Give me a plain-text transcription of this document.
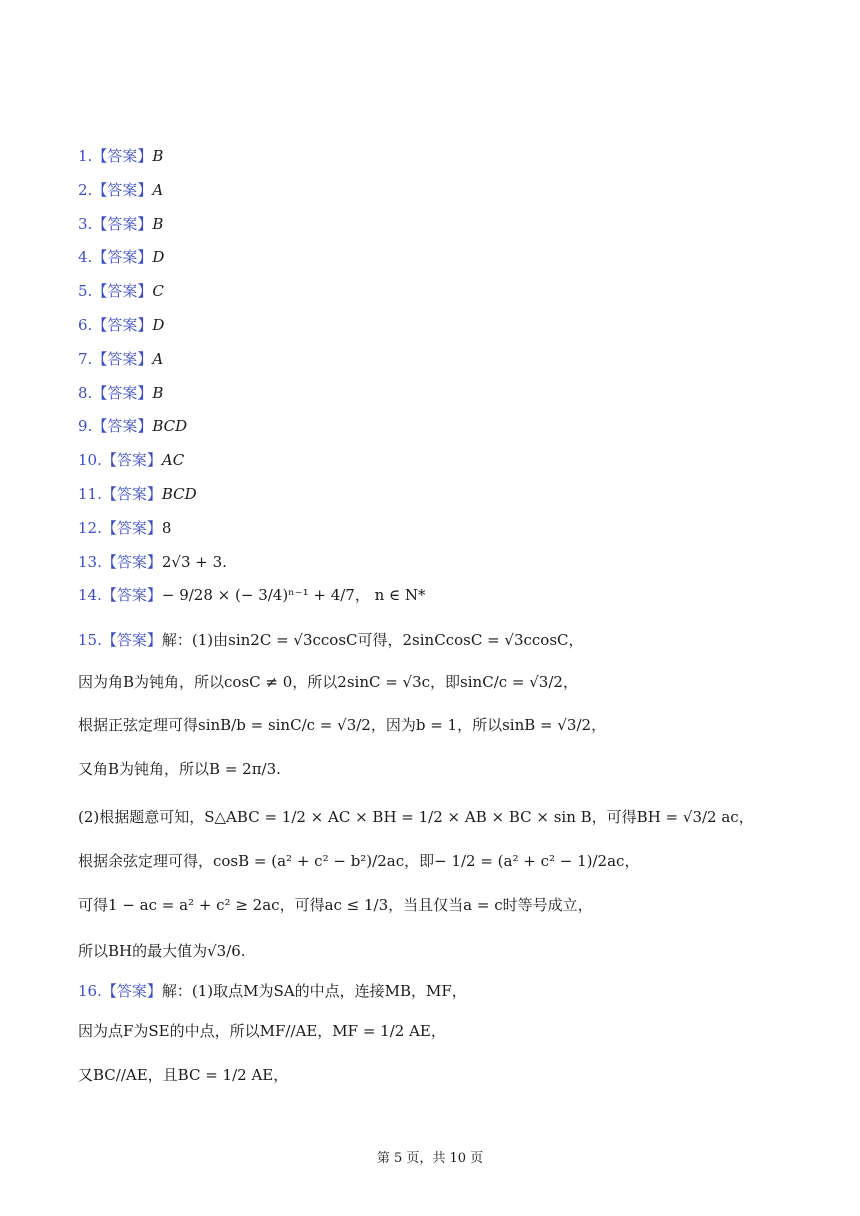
1.【答案】B
2.【答案】A
3.【答案】B
4.【答案】D
5.【答案】C
6.【答案】D
7.【答案】A
8.【答案】B
9.【答案】BCD
10.【答案】AC
11.【答案】BCD
12.【答案】8
13.【答案】2√3 + 3.
14.【答案】− 9/28 × (− 3/4)ⁿ⁻¹ + 4/7， n ∈ N*
15.【答案】解：(1)由sin2C = √3ccosC可得，2sinCcosC = √3ccosC，
因为角B为钝角，所以cosC ≠ 0，所以2sinC = √3c，即sinC/c = √3/2，
根据正弦定理可得sinB/b = sinC/c = √3/2，因为b = 1，所以sinB = √3/2，
又角B为钝角，所以B = 2π/3.
(2)根据题意可知，S△ABC = 1/2 × AC × BH = 1/2 × AB × BC × sin B，可得BH = √3/2 ac，
根据余弦定理可得，cosB = (a² + c² − b²)/2ac，即− 1/2 = (a² + c² − 1)/2ac，
可得1 − ac = a² + c² ≥ 2ac，可得ac ≤ 1/3，当且仅当a = c时等号成立，
所以BH的最大值为√3/6.
16.【答案】解：(1)取点M为SA的中点，连接MB，MF，
因为点F为SE的中点，所以MF//AE，MF = 1/2 AE，
又BC//AE，且BC = 1/2 AE，
第 5 页，共 10 页
